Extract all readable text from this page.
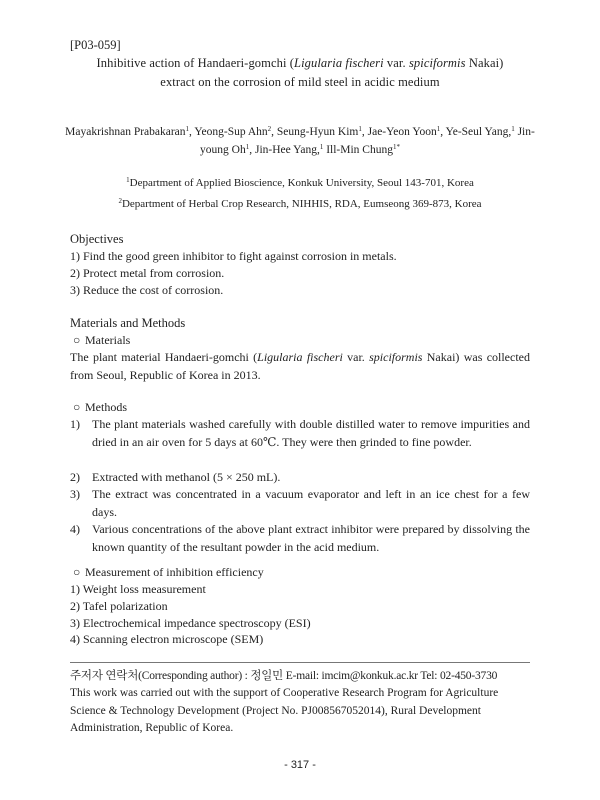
[P03-059]
Inhibitive action of Handaeri-gomchi (Ligularia fischeri var. spiciformis Nakai)
extract on the corrosion of mild steel in acidic medium
Mayakrishnan Prabakaran$^1$, Yeong-Sup Ahn$^2$, Seung-Hyun Kim$^1$, Jae-Yeon Yoon$^1$, Ye-Seul Yang,$^1$ Jin-young Oh$^1$, Jin-Hee Yang,$^1$ Ill-Min Chung$^{1*}$
$^1$Department of Applied Bioscience, Konkuk University, Seoul 143-701, Korea
$^2$Department of Herbal Crop Research, NIHHIS, RDA, Eumseong 369-873, Korea
Objectives
1) Find the good green inhibitor to fight against corrosion in metals.
2) Protect metal from corrosion.
3) Reduce the cost of corrosion.
Materials and Methods
○ Materials
The plant material Handaeri-gomchi (Ligularia fischeri var. spiciformis Nakai) was collected from Seoul, Republic of Korea in 2013.
○ Methods
1) The plant materials washed carefully with double distilled water to remove impurities and dried in an air oven for 5 days at 60℃. They were then grinded to fine powder.
2) Extracted with methanol (5 × 250 mL).
3) The extract was concentrated in a vacuum evaporator and left in an ice chest for a few days.
4) Various concentrations of the above plant extract inhibitor were prepared by dissolving the known quantity of the resultant powder in the acid medium.
○ Measurement of inhibition efficiency
1) Weight loss measurement
2) Tafel polarization
3) Electrochemical impedance spectroscopy (ESI)
4) Scanning electron microscope (SEM)
주저자 연락처(Corresponding author) : 정일민 E-mail: imcim@konkuk.ac.kr Tel: 02-450-3730
This work was carried out with the support of Cooperative Research Program for Agriculture Science & Technology Development (Project No. PJ008567052014), Rural Development Administration, Republic of Korea.
- 317 -
